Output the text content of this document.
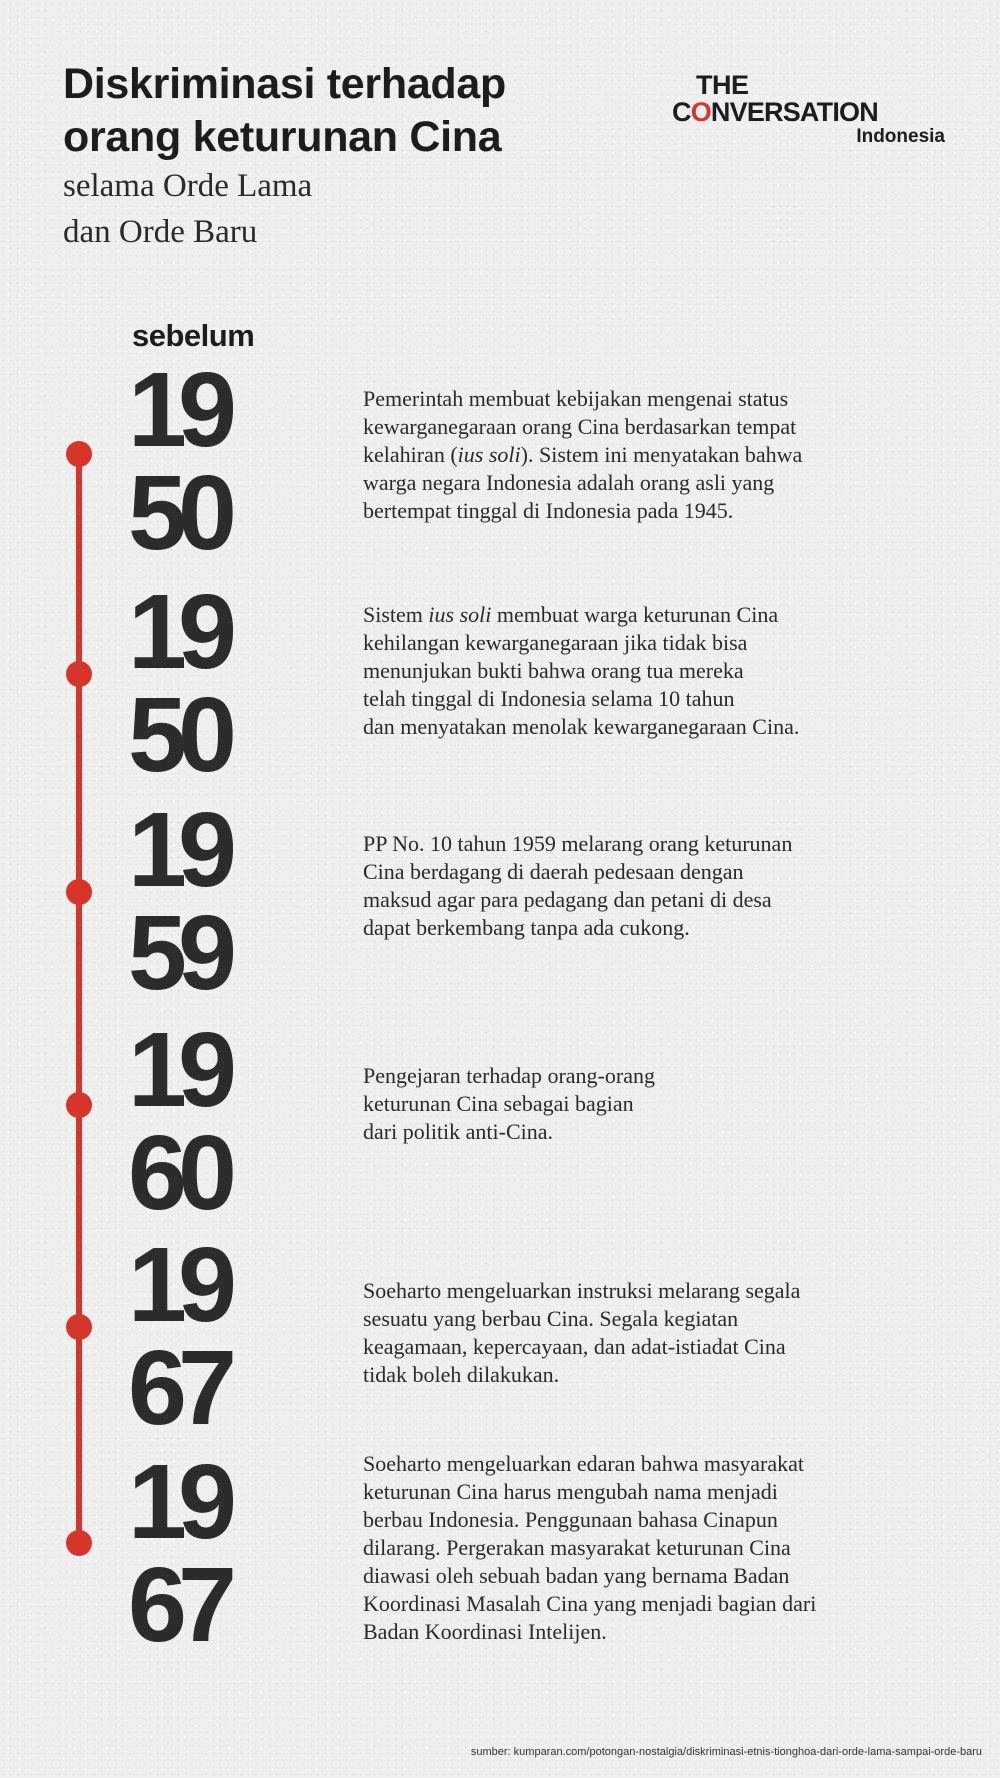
Diskriminasi terhadap
orang keturunan Cina
selama Orde Lama
dan Orde Baru
THE
CONVERSATION
Indonesia
sebelum
19
50
Pemerintah membuat kebijakan mengenai status
kewarganegaraan orang Cina berdasarkan tempat
kelahiran (ius soli). Sistem ini menyatakan bahwa
warga negara Indonesia adalah orang asli yang
bertempat tinggal di Indonesia pada 1945.
19
50
Sistem ius soli membuat warga keturunan Cina
kehilangan kewarganegaraan jika tidak bisa
menunjukan bukti bahwa orang tua mereka
telah tinggal di Indonesia selama 10 tahun
dan menyatakan menolak kewarganegaraan Cina.
19
59
PP No. 10 tahun 1959 melarang orang keturunan
Cina berdagang di daerah pedesaan dengan
maksud agar para pedagang dan petani di desa
dapat berkembang tanpa ada cukong.
19
60
Pengejaran terhadap orang-orang
keturunan Cina sebagai bagian
dari politik anti-Cina.
19
67
Soeharto mengeluarkan instruksi melarang segala
sesuatu yang berbau Cina. Segala kegiatan
keagamaan, kepercayaan, dan adat-istiadat Cina
tidak boleh dilakukan.
19
67
Soeharto mengeluarkan edaran bahwa masyarakat
keturunan Cina harus mengubah nama menjadi
berbau Indonesia. Penggunaan bahasa Cinapun
dilarang. Pergerakan masyarakat keturunan Cina
diawasi oleh sebuah badan yang bernama Badan
Koordinasi Masalah Cina yang menjadi bagian dari
Badan Koordinasi Intelijen.
sumber: kumparan.com/potongan-nostalgia/diskriminasi-etnis-tionghoa-dari-orde-lama-sampai-orde-baru
